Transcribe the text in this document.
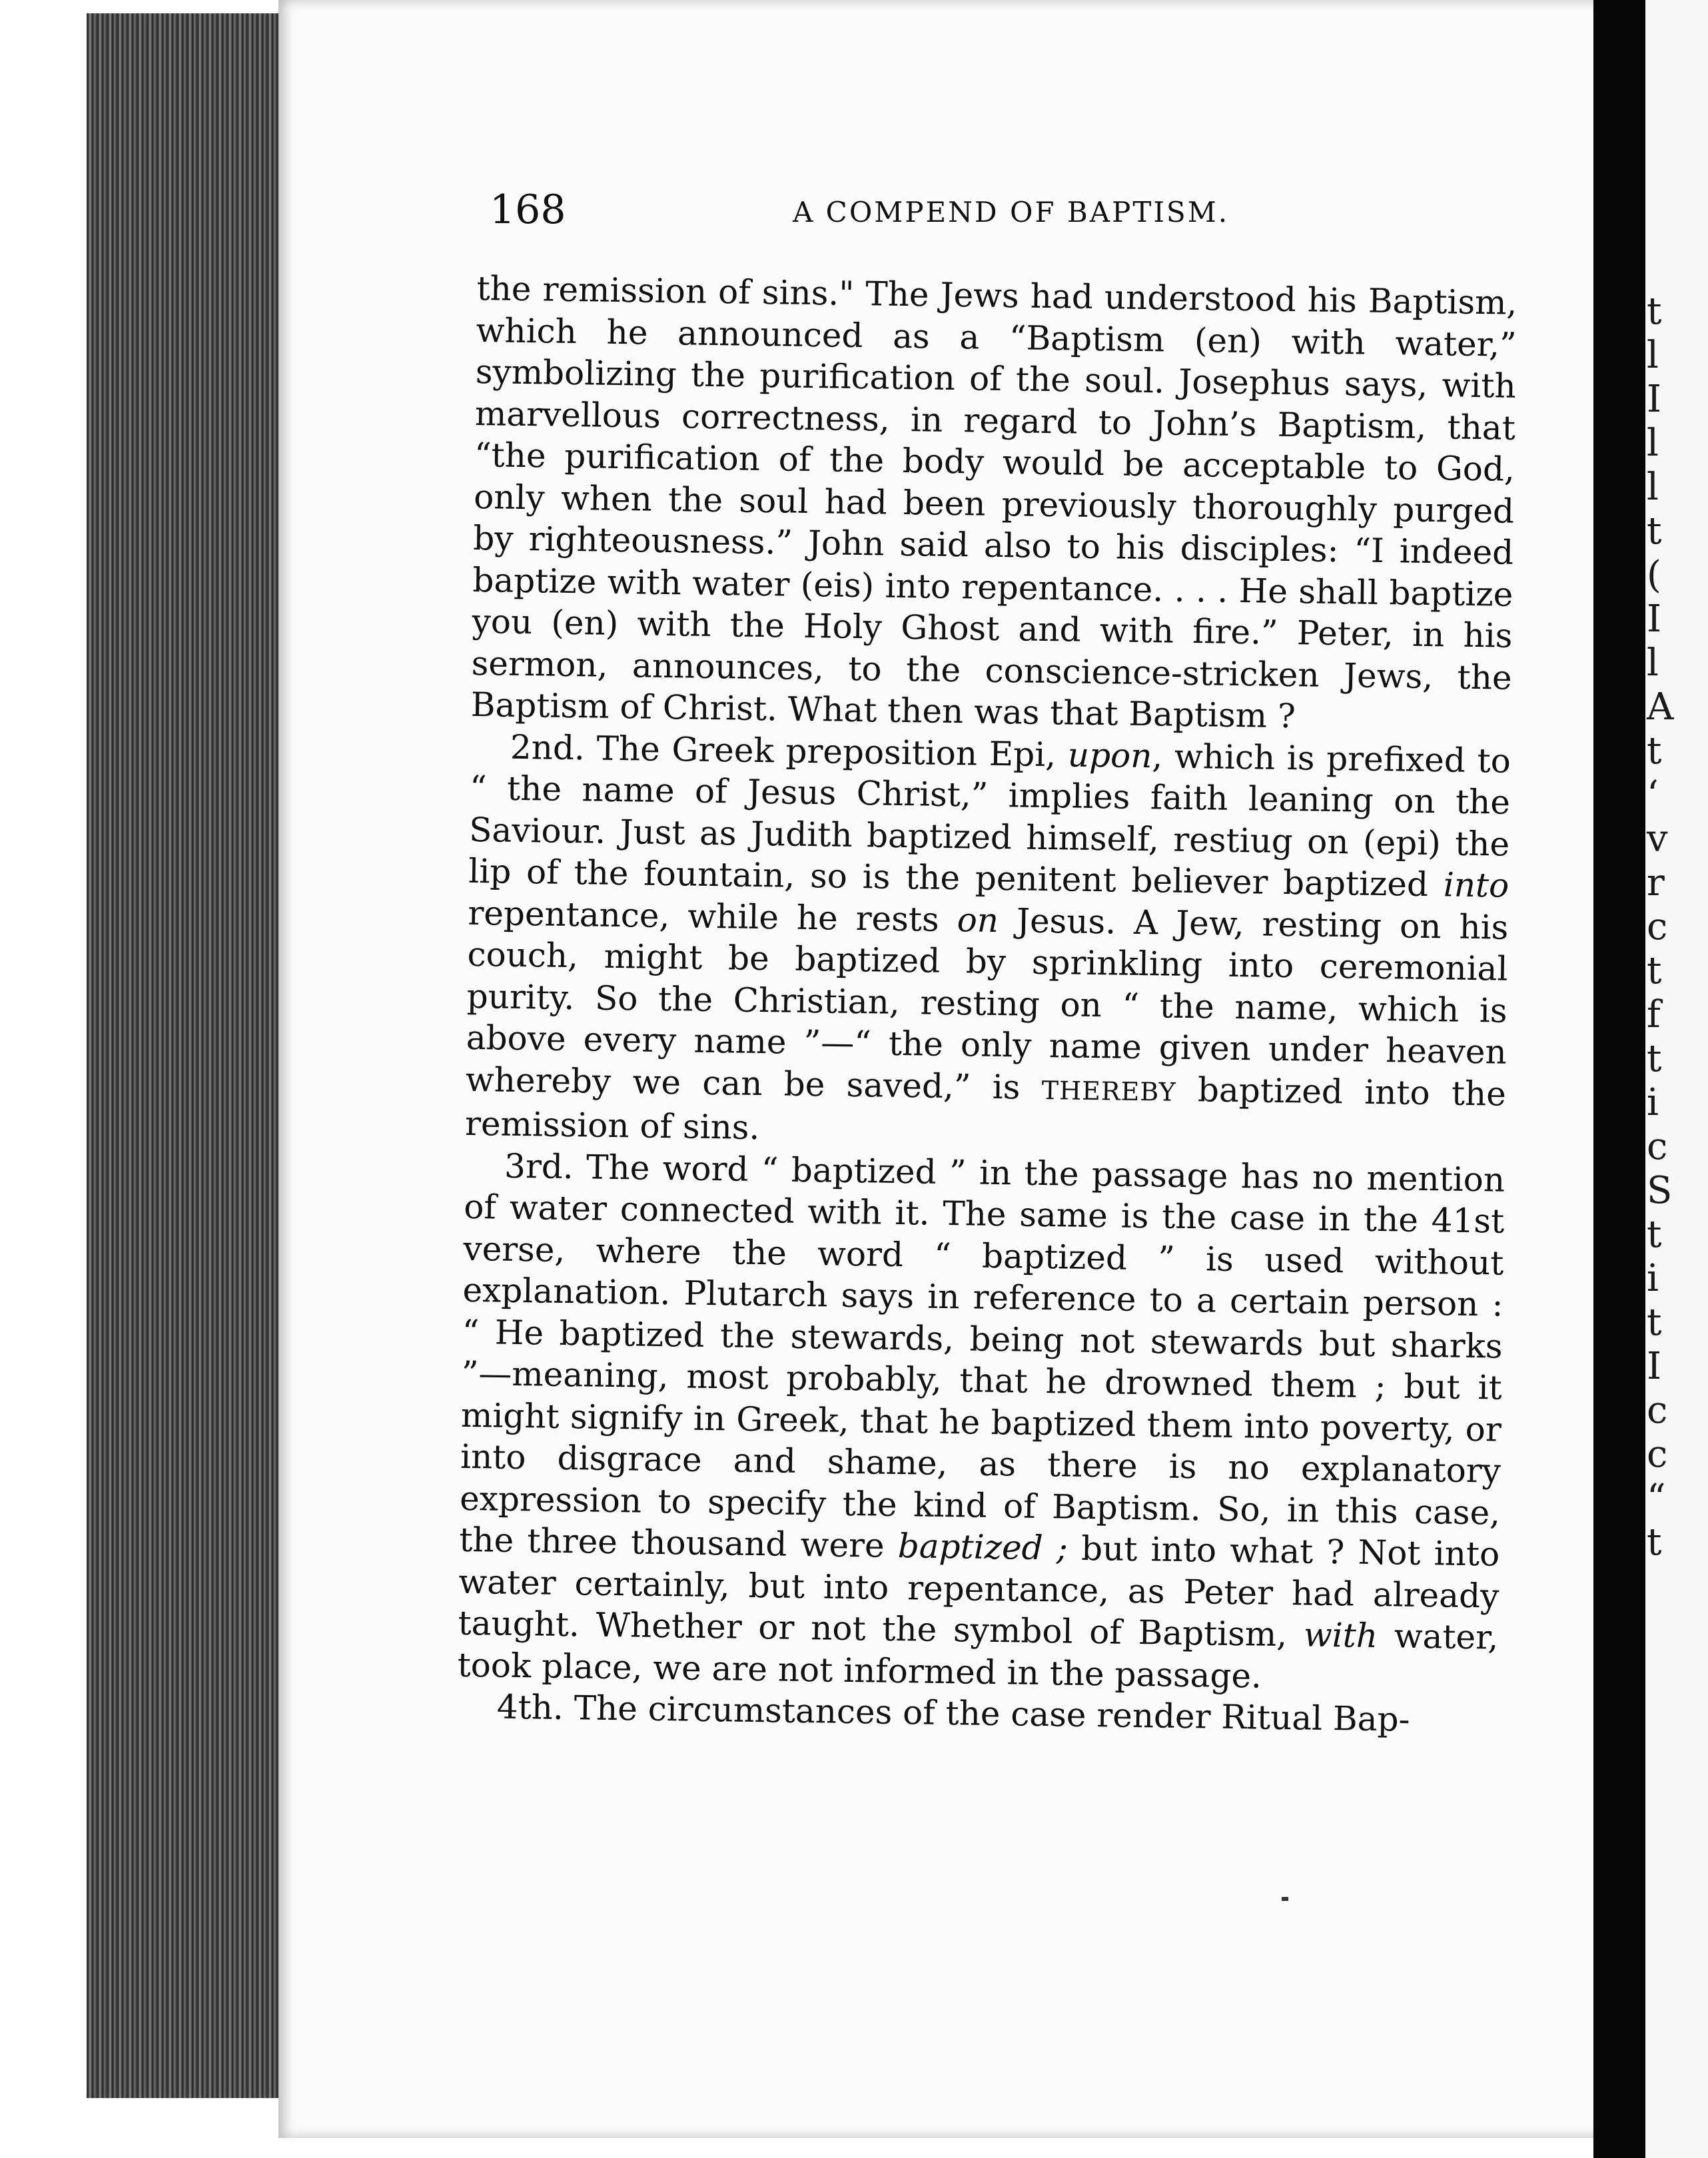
t
l
I
l
l
t
(
I
l
A
t
‘
v
r
c
t
f
t
i
c
S
t
i
t
I
c
c
“
t
168	A COMPEND OF BAPTISM.

the remission of sins." The Jews had understood his Baptism, which he announced as a “Baptism (en) with water,” symbolizing the purification of the soul. Josephus says, with marvellous correctness, in regard to John’s Baptism, that “the purification of the body would be acceptable to God, only when the soul had been previously thoroughly purged by righteousness.” John said also to his disciples: “I indeed baptize with water (eis) into repentance. . . . He shall baptize you (en) with the Holy Ghost and with fire.” Peter, in his sermon, announces, to the conscience-stricken Jews, the Baptism of Christ. What then was that Baptism ?

2nd. The Greek preposition Epi, upon, which is prefixed to “ the name of Jesus Christ,” implies faith leaning on the Saviour. Just as Judith baptized himself, restiug on (epi) the lip of the fountain, so is the penitent believer baptized into repentance, while he rests on Jesus. A Jew, resting on his couch, might be baptized by sprinkling into ceremonial purity. So the Christian, resting on “ the name, which is above every name ”—“ the only name given under heaven whereby we can be saved,” is THEREBY baptized into the remission of sins.

3rd. The word “ baptized ” in the passage has no mention of water connected with it. The same is the case in the 41st verse, where the word “ baptized ” is used without explanation. Plutarch says in reference to a certain person : “ He baptized the stewards, being not stewards but sharks ”—meaning, most probably, that he drowned them ; but it might signify in Greek, that he baptized them into poverty, or into disgrace and shame, as there is no explanatory expression to specify the kind of Baptism. So, in this case, the three thousand were baptized ; but into what ? Not into water certainly, but into repentance, as Peter had already taught. Whether or not the symbol of Baptism, with water, took place, we are not informed in the passage.

4th. The circumstances of the case render Ritual Bap-
